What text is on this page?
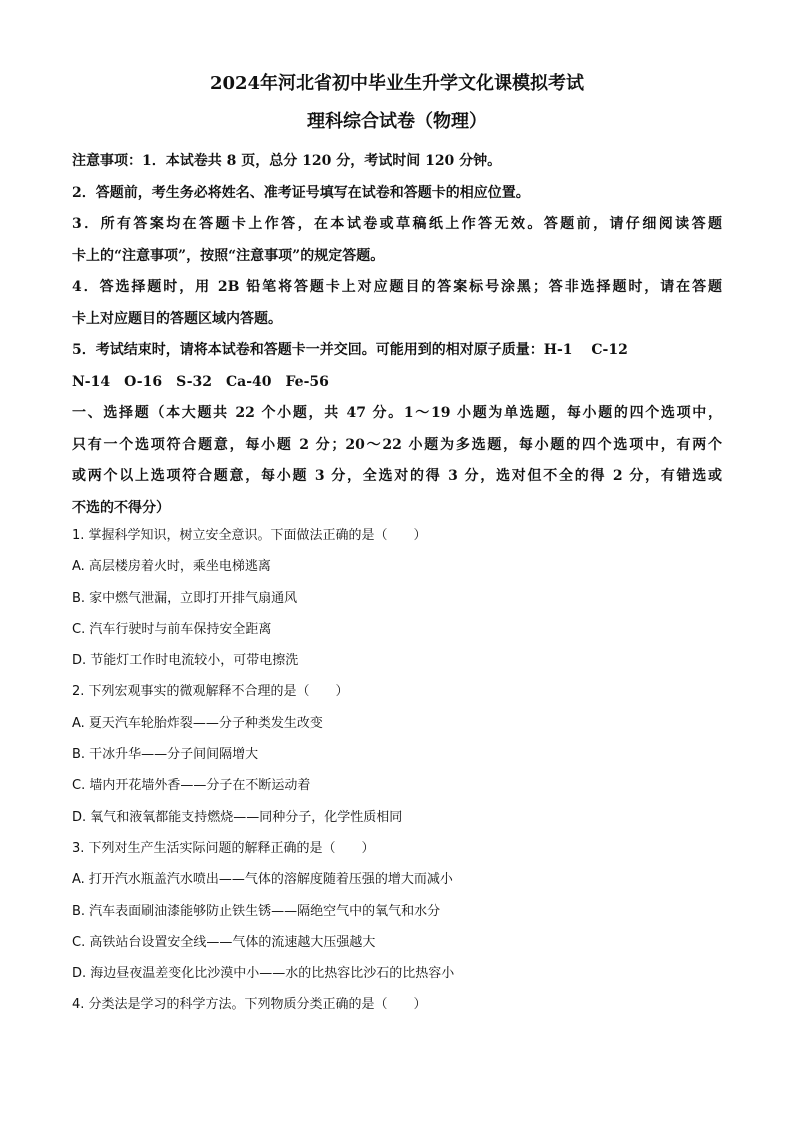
2024年河北省初中毕业生升学文化课模拟考试
理科综合试卷（物理）
注意事项：1．本试卷共 8 页，总分 120 分，考试时间 120 分钟。
2．答题前，考生务必将姓名、准考证号填写在试卷和答题卡的相应位置。
3．所有答案均在答题卡上作答，在本试卷或草稿纸上作答无效。答题前，请仔细阅读答题
卡上的“注意事项”，按照“注意事项”的规定答题。
4．答选择题时，用 2B 铅笔将答题卡上对应题目的答案标号涂黑；答非选择题时，请在答题
卡上对应题目的答题区域内答题。
5．考试结束时，请将本试卷和答题卡一并交回。可能用到的相对原子质量：H-1　 C-12
N-14　O-16　S-32　Ca-40　Fe-56
一、选择题（本大题共 22 个小题，共 47 分。1～19 小题为单选题，每小题的四个选项中，
只有一个选项符合题意，每小题 2 分；20～22 小题为多选题，每小题的四个选项中，有两个
或两个以上选项符合题意，每小题 3 分，全选对的得 3 分，选对但不全的得 2 分，有错选或
不选的不得分）
1. 掌握科学知识，树立安全意识。下面做法正确的是（　　）
A. 高层楼房着火时，乘坐电梯逃离
B. 家中燃气泄漏，立即打开排气扇通风
C. 汽车行驶时与前车保持安全距离
D. 节能灯工作时电流较小，可带电擦洗
2. 下列宏观事实的微观解释不合理的是（　　）
A. 夏天汽车轮胎炸裂——分子种类发生改变
B. 干冰升华——分子间间隔增大
C. 墙内开花墙外香——分子在不断运动着
D. 氧气和液氧都能支持燃烧——同种分子，化学性质相同
3. 下列对生产生活实际问题的解释正确的是（　　）
A. 打开汽水瓶盖汽水喷出——气体的溶解度随着压强的增大而减小
B. 汽车表面刷油漆能够防止铁生锈——隔绝空气中的氧气和水分
C. 高铁站台设置安全线——气体的流速越大压强越大
D. 海边昼夜温差变化比沙漠中小——水的比热容比沙石的比热容小
4. 分类法是学习的科学方法。下列物质分类正确的是（　　）
